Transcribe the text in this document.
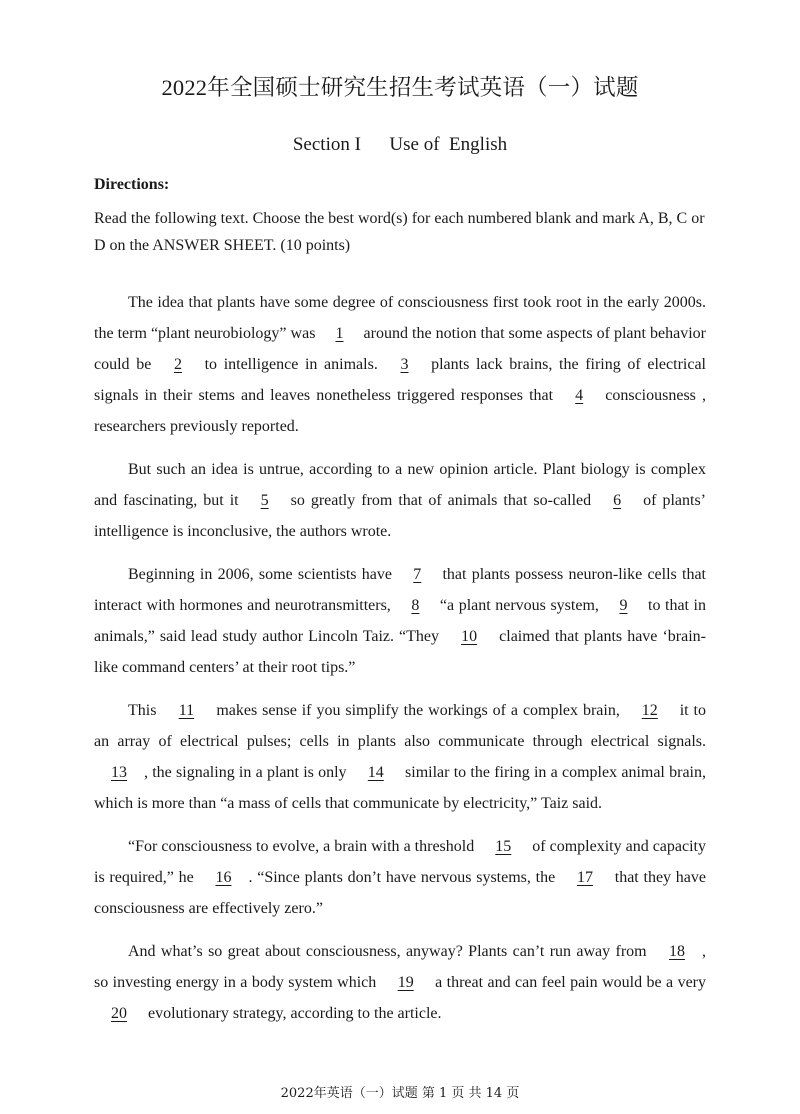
2022年全国硕士研究生招生考试英语（一）试题
Section I      Use of  English
Directions:
Read the following text. Choose the best word(s) for each numbered blank and mark A, B, C or D on the ANSWER SHEET. (10 points)

The idea that plants have some degree of consciousness first took root in the early 2000s. the term “plant neurobiology” was 1 around the notion that some aspects of plant behavior could be 2 to intelligence in animals. 3 plants lack brains, the firing of electrical signals in their stems and leaves nonetheless triggered responses that 4 consciousness , researchers previously reported.

But such an idea is untrue, according to a new opinion article. Plant biology is complex and fascinating, but it 5 so greatly from that of animals that so-called 6 of plants’ intelligence is inconclusive, the authors wrote.

Beginning in 2006, some scientists have 7 that plants possess neuron-like cells that interact with hormones and neurotransmitters, 8 “a plant nervous system, 9 to that in animals,” said lead study author Lincoln Taiz. “They 10 claimed that plants have ‘brain-like command centers’ at their root tips.”

This 11 makes sense if you simplify the workings of a complex brain, 12 it to an array of electrical pulses; cells in plants also communicate through electrical signals. 13 , the signaling in a plant is only 14 similar to the firing in a complex animal brain, which is more than “a mass of cells that communicate by electricity,” Taiz said.

“For consciousness to evolve, a brain with a threshold 15 of complexity and capacity is required,” he 16 . “Since plants don’t have nervous systems, the 17 that they have consciousness are effectively zero.”

And what’s so great about consciousness, anyway? Plants can’t run away from 18 , so investing energy in a body system which 19 a threat and can feel pain would be a very 20 evolutionary strategy, according to the article.

2022年英语（一）试题 第 1 页 共 14 页
